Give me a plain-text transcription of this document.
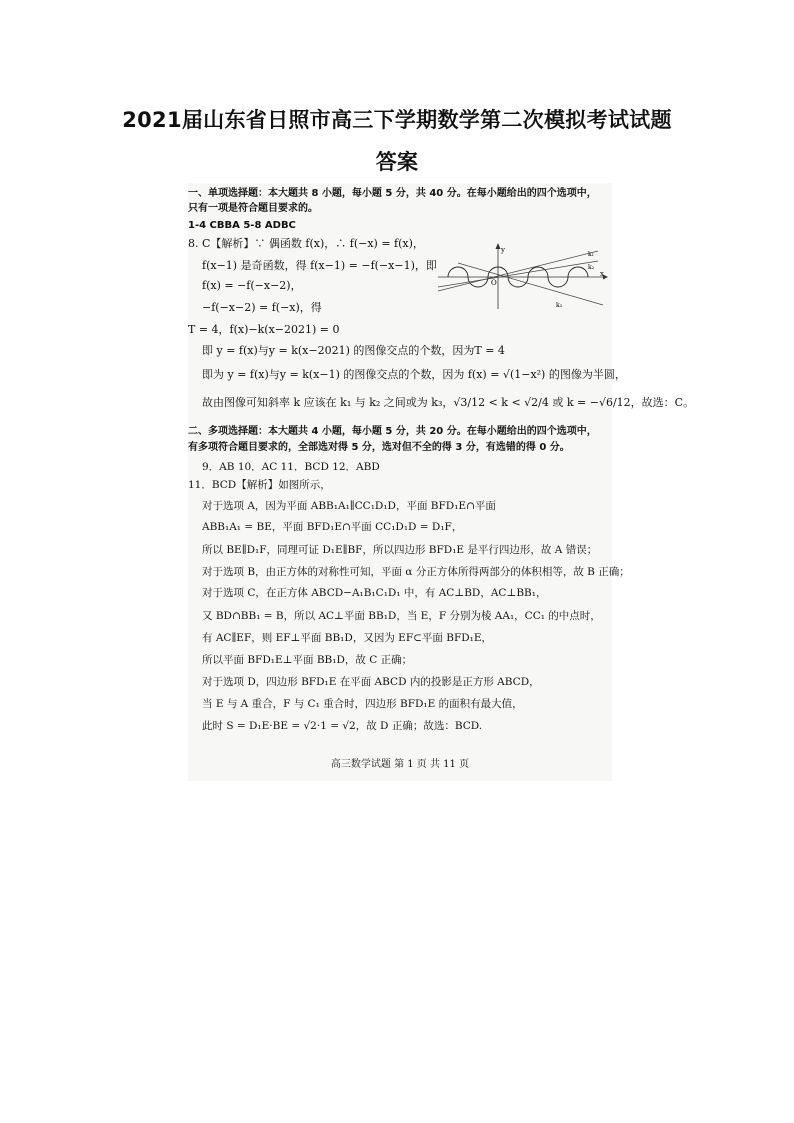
2021届山东省日照市高三下学期数学第二次模拟考试试题
答案
一、单项选择题：本大题共 8 小题，每小题 5 分，共 40 分。在每小题给出的四个选项中，
只有一项是符合题目要求的。
1-4 CBBA 5-8 ADBC
8. C【解析】∵ 偶函数 f(x)，∴ f(−x) = f(x)，
f(x−1) 是奇函数，得 f(x−1) = −f(−x−1)，即
f(x) = −f(−x−2)，
−f(−x−2) = f(−x)，得
T = 4，f(x)−k(x−2021) = 0
即 y = f(x)与y = k(x−2021) 的图像交点的个数，因为T = 4
即为 y = f(x)与y = k(x−1) 的图像交点的个数，因为 f(x) = √(1−x²) 的图像为半圆，
故由图像可知斜率 k 应该在 k₁ 与 k₂ 之间或为 k₃，√3/12 < k < √2/4 或 k = −√6/12，故选：C。
x
y
O
k₁
k₂
k₃
二、多项选择题：本大题共 4 小题，每小题 5 分，共 20 分。在每小题给出的四个选项中，
有多项符合题目要求的，全部选对得 5 分，选对但不全的得 3 分，有选错的得 0 分。
9．AB 10．AC 11．BCD 12．ABD
11．BCD【解析】如图所示，
对于选项 A，因为平面 ABB₁A₁∥CC₁D₁D，平面 BFD₁E∩平面
ABB₁A₁ = BE，平面 BFD₁E∩平面 CC₁D₁D = D₁F，
所以 BE∥D₁F，同理可证 D₁E∥BF，所以四边形 BFD₁E 是平行四边形，故 A 错误；
对于选项 B，由正方体的对称性可知，平面 α 分正方体所得两部分的体积相等，故 B 正确；
对于选项 C，在正方体 ABCD−A₁B₁C₁D₁ 中，有 AC⊥BD，AC⊥BB₁，
又 BD∩BB₁ = B，所以 AC⊥平面 BB₁D，当 E，F 分别为棱 AA₁，CC₁ 的中点时，
有 AC∥EF，则 EF⊥平面 BB₁D，又因为 EF⊂平面 BFD₁E，
所以平面 BFD₁E⊥平面 BB₁D，故 C 正确；
对于选项 D，四边形 BFD₁E 在平面 ABCD 内的投影是正方形 ABCD，
当 E 与 A 重合，F 与 C₁ 重合时，四边形 BFD₁E 的面积有最大值，
此时 S = D₁E·BE = √2·1 = √2，故 D 正确；故选：BCD.
高三数学试题 第 1 页 共 11 页
